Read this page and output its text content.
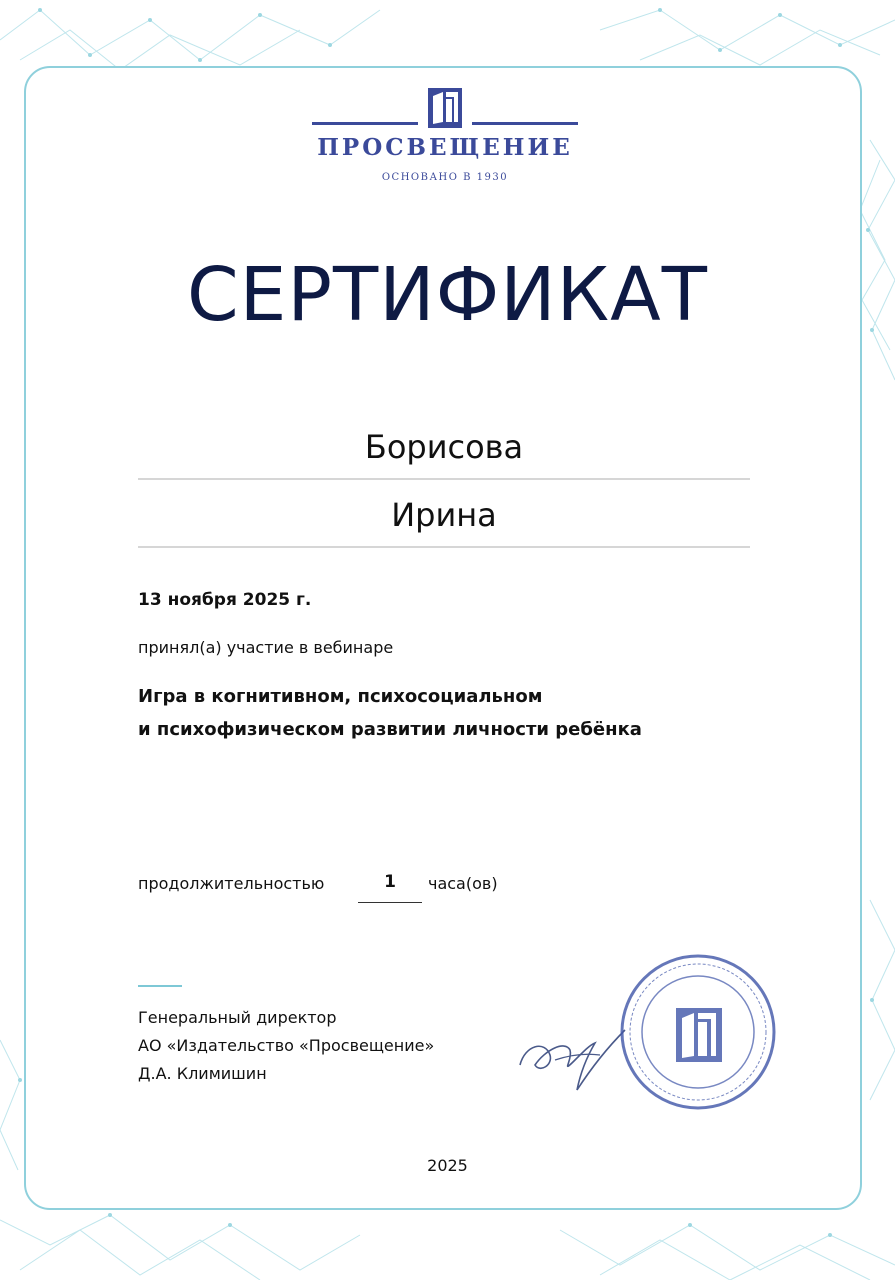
ПРОСВЕЩЕНИЕ
ОСНОВАНО В 1930
СЕРТИФИКАТ
Борисова
Ирина
13 ноября 2025 г.
принял(а) участие в вебинаре
Игра в когнитивном, психосоциальном
и психофизическом развитии личности ребёнка
продолжительностью	1	часа(ов)
Генеральный директор
АО «Издательство «Просвещение»
Д.А. Климишин
2025
